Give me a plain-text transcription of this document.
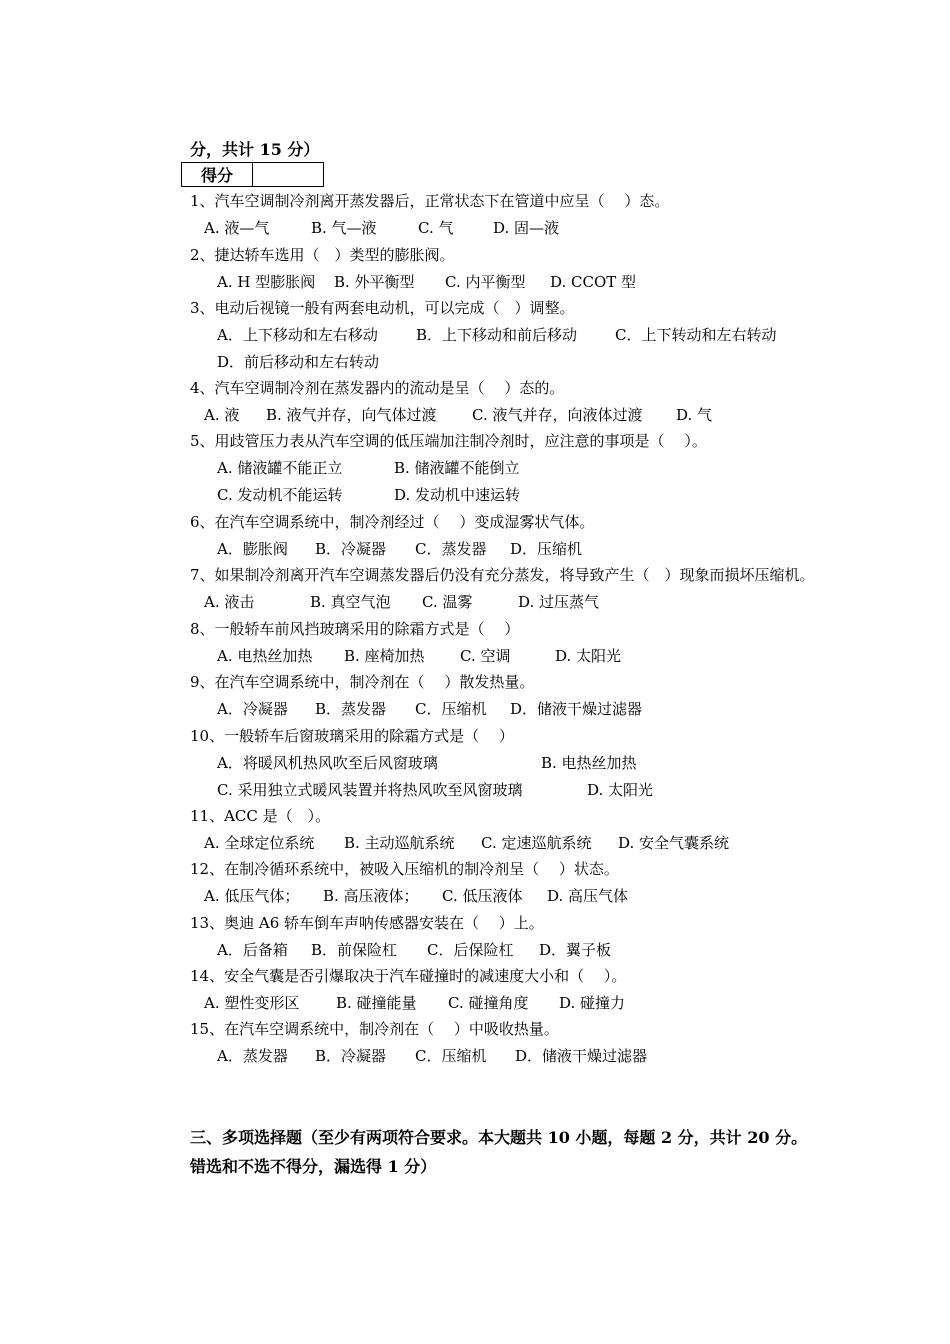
分，共计 15 分）
得分	
1、汽车空调制冷剂离开蒸发器后，正常状态下在管道中应呈（　 ）态。
A. 液—气	B. 气—液	C. 气	D. 固—液
2、捷达轿车选用（　）类型的膨胀阀。
A. H 型膨胀阀 B. 外平衡型 C. 内平衡型 D. CCOT 型
3、电动后视镜一般有两套电动机，可以完成（　）调整。
A．上下移动和左右移动	B．上下移动和前后移动	C．上下转动和左右转动
D．前后移动和左右转动
4、汽车空调制冷剂在蒸发器内的流动是呈（　 ）态的。
A. 液 B. 液气并存，向气体过渡 C. 液气并存，向液体过渡 D. 气
5、用歧管压力表从汽车空调的低压端加注制冷剂时，应注意的事项是（　 ）。
A. 储液罐不能正立	B. 储液罐不能倒立
C. 发动机不能运转	D. 发动机中速运转
6、在汽车空调系统中，制冷剂经过（　 ）变成湿雾状气体。
A．膨胀阀 B．冷凝器 C．蒸发器 D．压缩机
7、如果制冷剂离开汽车空调蒸发器后仍没有充分蒸发，将导致产生（　）现象而损坏压缩机。
A. 液击	B. 真空气泡 C. 温雾	D. 过压蒸气
8、一般轿车前风挡玻璃采用的除霜方式是（　 ）
A. 电热丝加热 B. 座椅加热 C. 空调	D. 太阳光
9、在汽车空调系统中，制冷剂在（　 ）散发热量。
A．冷凝器 B．蒸发器 C．压缩机 D．储液干燥过滤器
10、一般轿车后窗玻璃采用的除霜方式是（　 ）
A．将暖风机热风吹至后风窗玻璃	B. 电热丝加热
C. 采用独立式暖风装置并将热风吹至风窗玻璃	D. 太阳光
11、ACC 是（　）。
A. 全球定位系统 B. 主动巡航系统 C. 定速巡航系统 D. 安全气囊系统
12、在制冷循环系统中，被吸入压缩机的制冷剂呈（　 ）状态。
A. 低压气体； B. 高压液体； C. 低压液体 D. 高压气体
13、奥迪 A6 轿车倒车声呐传感器安装在（　 ）上。
A．后备箱 B．前保险杠 C．后保险杠 D．翼子板
14、安全气囊是否引爆取决于汽车碰撞时的减速度大小和（　 ）。
A. 塑性变形区 B. 碰撞能量 C. 碰撞角度 D. 碰撞力
15、在汽车空调系统中，制冷剂在（　 ）中吸收热量。
A．蒸发器 B．冷凝器 C．压缩机 D．储液干燥过滤器
三、多项选择题（至少有两项符合要求。本大题共 10 小题，每题 2 分，共计 20 分。
错选和不选不得分，漏选得 1 分）
